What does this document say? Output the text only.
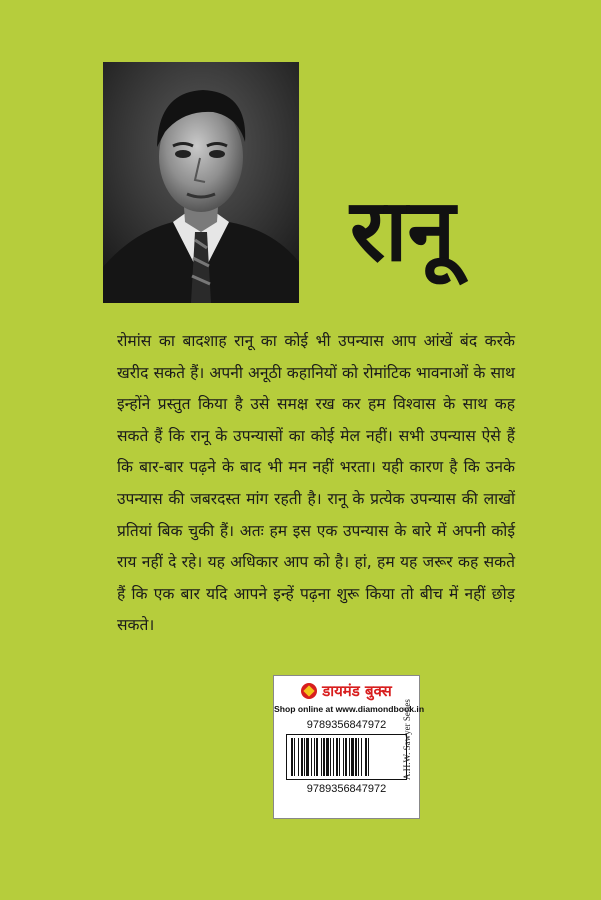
रानू
रोमांस का बादशाह रानू का कोई भी उपन्यास आप आंखें बंद करके खरीद सकते हैं। अपनी अनूठी कहानियों को रोमांटिक भावनाओं के साथ इन्होंने प्रस्तुत किया है उसे समक्ष रख कर हम विश्वास के साथ कह सकते हैं कि रानू के उपन्यासों का कोई मेल नहीं। सभी उपन्यास ऐसे हैं कि बार-बार पढ़ने के बाद भी मन नहीं भरता। यही कारण है कि उनके उपन्यास की जबरदस्त मांग रहती है। रानू के प्रत्येक उपन्यास की लाखों प्रतियां बिक चुकी हैं। अतः हम इस एक उपन्यास के बारे में अपनी कोई राय नहीं दे रहे। यह अधिकार आप को है। हां, हम यह जरूर कह सकते हैं कि एक बार यदि आपने इन्हें पढ़ना शुरू किया तो बीच में नहीं छोड़ सकते।
डायमंड बुक्स
Shop online at www.diamondbook.in
9789356847972
9789356847972
A.H.W. Sawyer Series
